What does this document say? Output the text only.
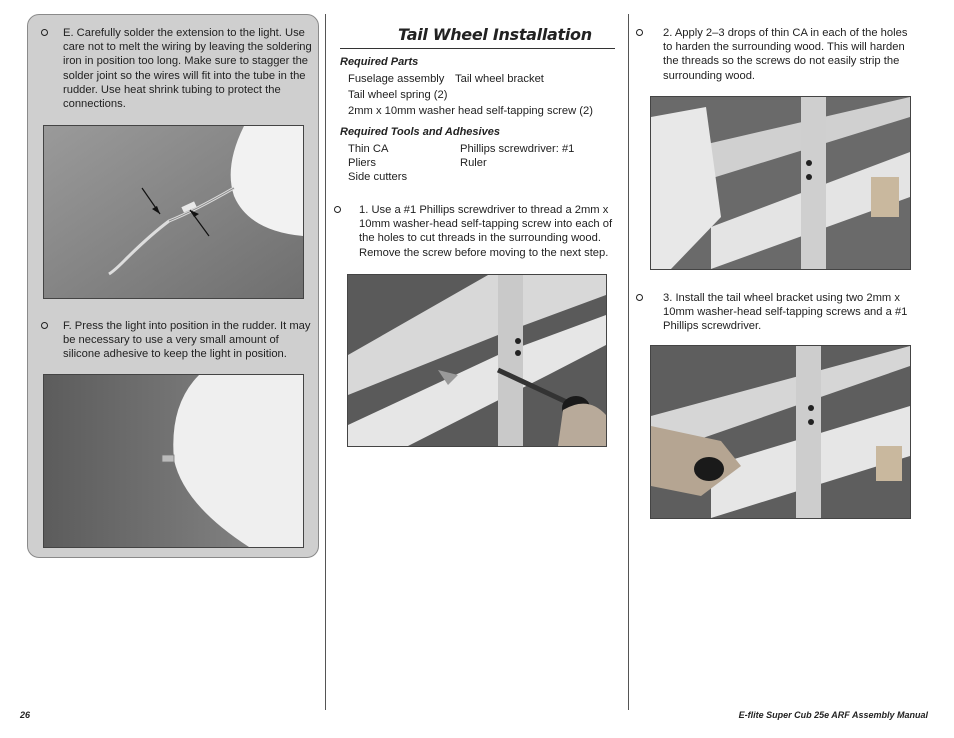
E. Carefully solder the extension to the light. Use care not to melt the wiring by leaving the soldering iron in position too long. Make sure to stagger the solder joint so the wires will fit into the tube in the rudder. Use heat shrink tubing to protect the connections.
F. Press the light into position in the rudder. It may be necessary to use a very small amount of silicone adhesive to keep the light in position.
Tail Wheel Installation
Required Parts
Fuselage assembly Tail wheel bracket
Tail wheel spring (2)
2mm x 10mm washer head self-tapping screw (2)
Required Tools and Adhesives
Thin CA	Phillips screwdriver: #1
Pliers	Ruler
Side cutters
1. Use a #1 Phillips screwdriver to thread a 2mm x 10mm washer-head self-tapping screw into each of the holes to cut threads in the surrounding wood. Remove the screw before moving to the next step.
2. Apply 2–3 drops of thin CA in each of the holes to harden the surrounding wood. This will harden the threads so the screws do not easily strip the surrounding wood.
3. Install the tail wheel bracket using two 2mm x 10mm washer-head self-tapping screws and a #1 Phillips screwdriver.
26	E-flite Super Cub 25e ARF Assembly Manual
